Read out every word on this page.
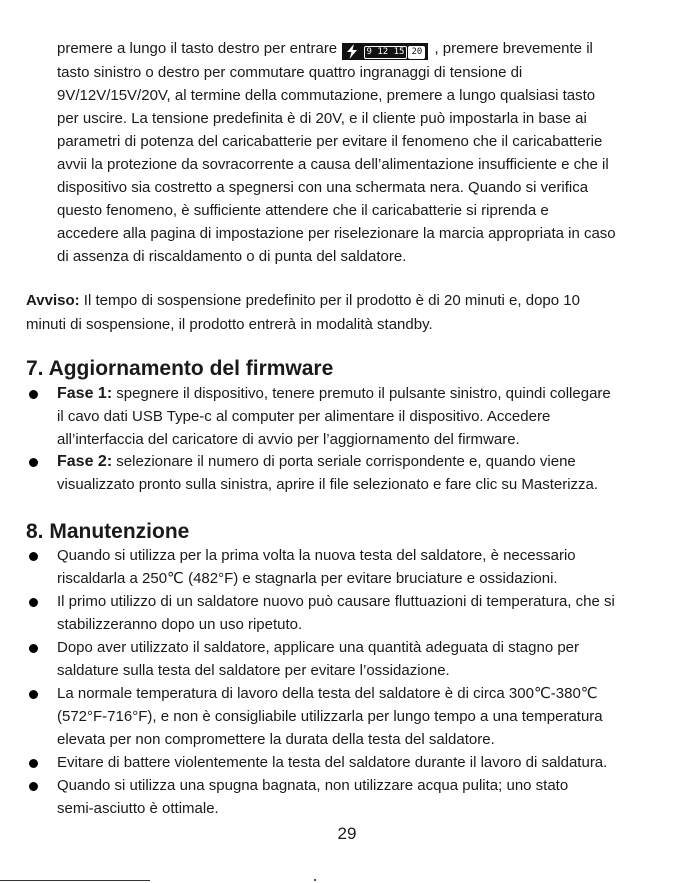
premere a lungo il tasto destro per entrare	9 12 15 20 , premere brevemente il
tasto sinistro o destro per commutare quattro ingranaggi di tensione di
9V/12V/15V/20V, al termine della commutazione, premere a lungo qualsiasi tasto
per uscire. La tensione predefinita è di 20V, e il cliente può impostarla in base ai
parametri di potenza del caricabatterie per evitare il fenomeno che il caricabatterie
avvii la protezione da sovracorrente a causa dell’alimentazione insufficiente e che il
dispositivo sia costretto a spegnersi con una schermata nera. Quando si verifica
questo fenomeno, è sufficiente attendere che il caricabatterie si riprenda e
accedere alla pagina di impostazione per riselezionare la marcia appropriata in caso
di assenza di riscaldamento o di punta del saldatore.
Avviso: Il tempo di sospensione predefinito per il prodotto è di 20 minuti e, dopo 10
minuti di sospensione, il prodotto entrerà in modalità standby.
7. Aggiornamento del firmware
Fase 1: spegnere il dispositivo, tenere premuto il pulsante sinistro, quindi collegare
il cavo dati USB Type-c al computer per alimentare il dispositivo. Accedere
all’interfaccia del caricatore di avvio per l’aggiornamento del firmware.
Fase 2: selezionare il numero di porta seriale corrispondente e, quando viene
visualizzato pronto sulla sinistra, aprire il file selezionato e fare clic su Masterizza.
8. Manutenzione
Quando si utilizza per la prima volta la nuova testa del saldatore, è necessario
riscaldarla a 250℃ (482°F) e stagnarla per evitare bruciature e ossidazioni.
Il primo utilizzo di un saldatore nuovo può causare fluttuazioni di temperatura, che si
stabilizzeranno dopo un uso ripetuto.
Dopo aver utilizzato il saldatore, applicare una quantità adeguata di stagno per
saldature sulla testa del saldatore per evitare l’ossidazione.
La normale temperatura di lavoro della testa del saldatore è di circa 300℃-380℃
(572°F-716°F), e non è consigliabile utilizzarla per lungo tempo a una temperatura
elevata per non compromettere la durata della testa del saldatore.
Evitare di battere violentemente la testa del saldatore durante il lavoro di saldatura.
Quando si utilizza una spugna bagnata, non utilizzare acqua pulita; uno stato
semi-asciutto è ottimale.
29
